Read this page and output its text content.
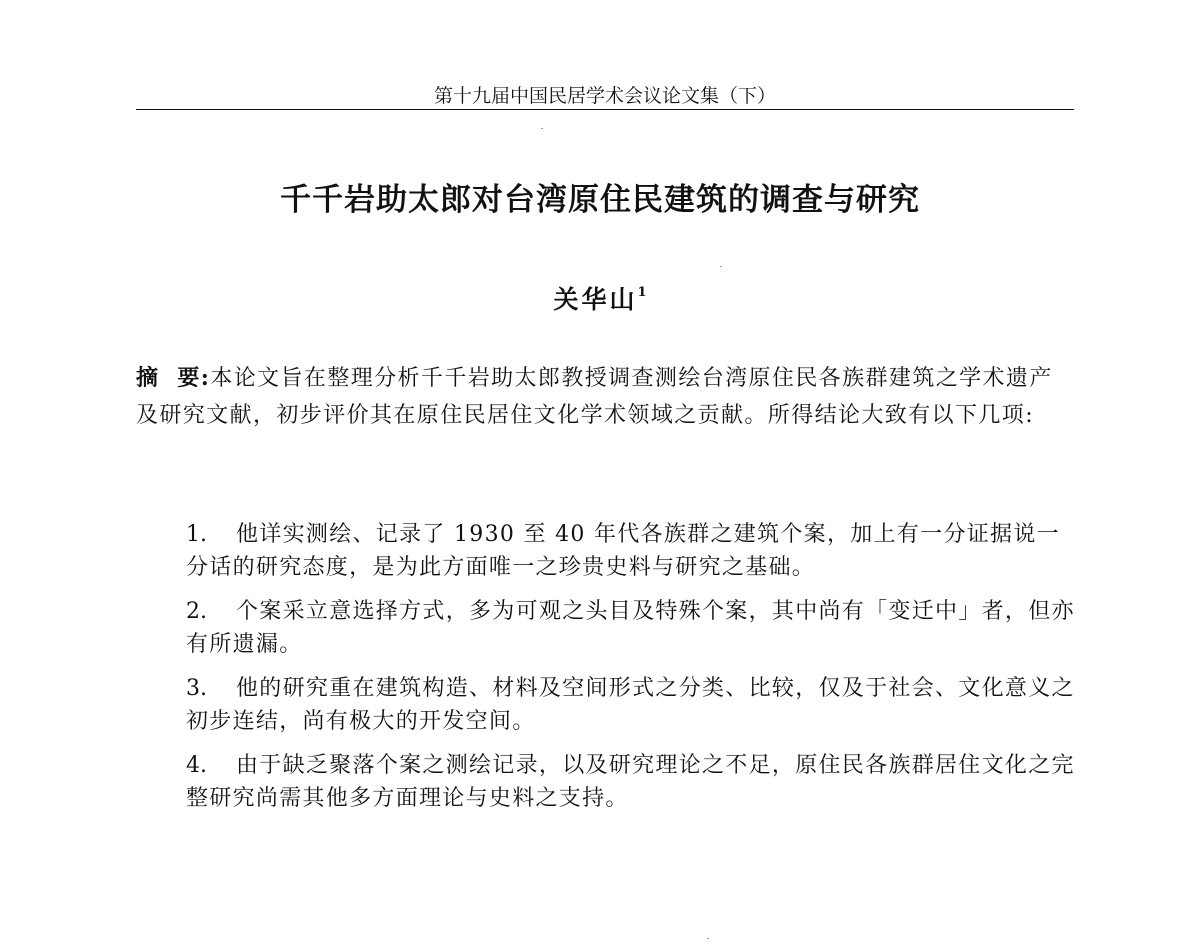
第十九届中国民居学术会议论文集（下）
千千岩助太郎对台湾原住民建筑的调查与研究
关华山$^1$
摘 要:本论文旨在整理分析千千岩助太郎教授调查测绘台湾原住民各族群建筑之学术遗产及研究文献，初步评价其在原住民居住文化学术领域之贡献。所得结论大致有以下几项:
1. 他详实测绘、记录了 1930 至 40 年代各族群之建筑个案，加上有一分证据说一分话的研究态度，是为此方面唯一之珍贵史料与研究之基础。
2. 个案采立意选择方式，多为可观之头目及特殊个案，其中尚有「变迁中」者，但亦有所遗漏。
3. 他的研究重在建筑构造、材料及空间形式之分类、比较，仅及于社会、文化意义之初步连结，尚有极大的开发空间。
4. 由于缺乏聚落个案之测绘记录，以及研究理论之不足，原住民各族群居住文化之完整研究尚需其他多方面理论与史料之支持。
